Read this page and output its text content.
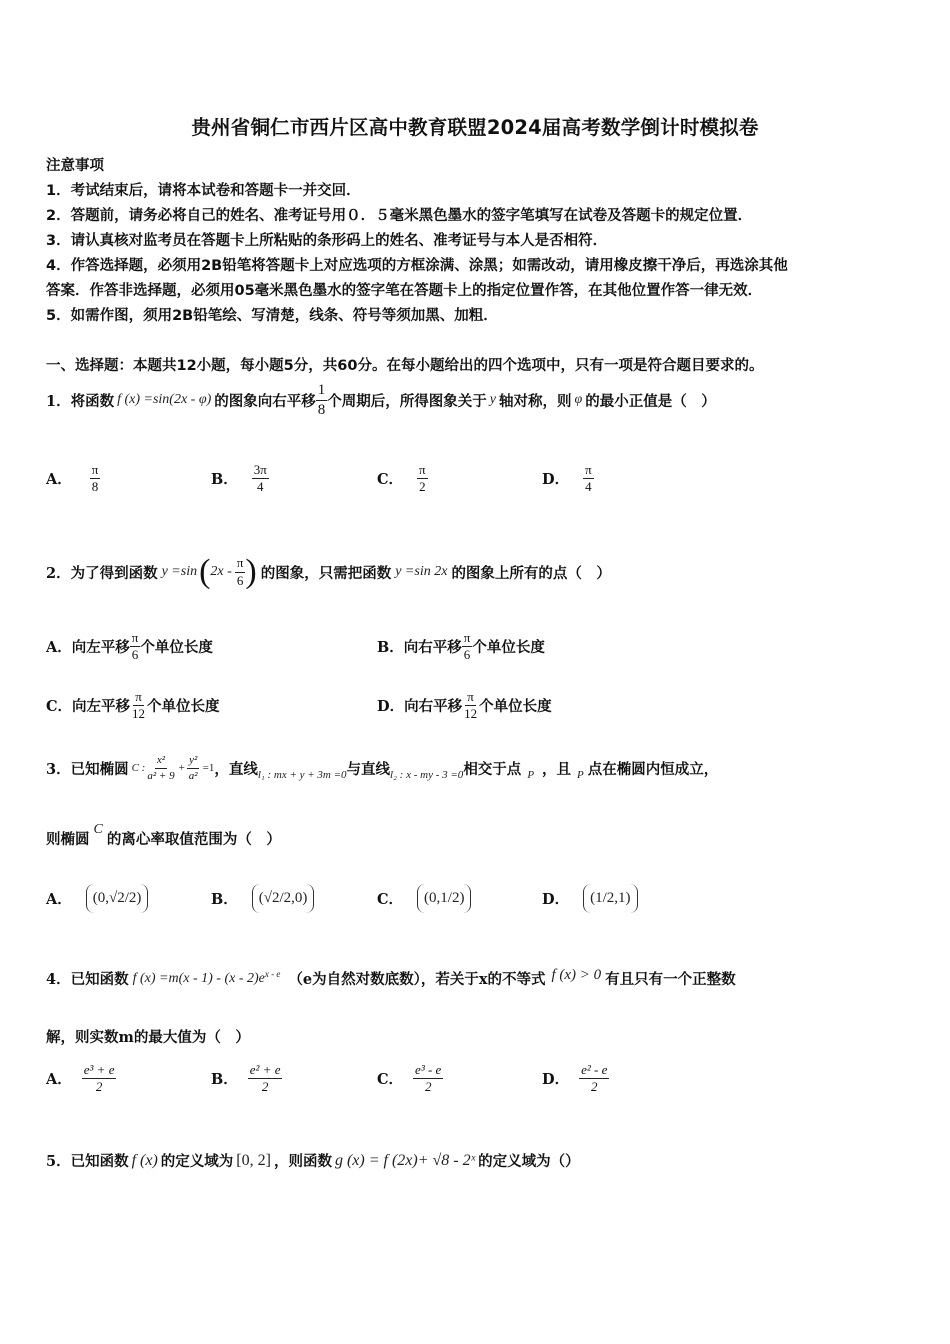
贵州省铜仁市西片区高中教育联盟2024届高考数学倒计时模拟卷
注意事项
1．考试结束后，请将本试卷和答题卡一并交回．
2．答题前，请务必将自己的姓名、准考证号用０．５毫米黑色墨水的签字笔填写在试卷及答题卡的规定位置．
3．请认真核对监考员在答题卡上所粘贴的条形码上的姓名、准考证号与本人是否相符．
4．作答选择题，必须用2B铅笔将答题卡上对应选项的方框涂满、涂黑；如需改动，请用橡皮擦干净后，再选涂其他
答案．作答非选择题，必须用05毫米黑色墨水的签字笔在答题卡上的指定位置作答，在其他位置作答一律无效．
5．如需作图，须用2B铅笔绘、写清楚，线条、符号等须加黑、加粗．
一、选择题：本题共12小题，每小题5分，共60分。在每小题给出的四个选项中，只有一项是符合题目要求的。
1．将函数 f (x) =sin(2x - φ) 的图象向右平移 $\frac{1}{8}$ 个周期后，所得图象关于 y 轴对称，则 φ 的最小正值是（　）
A． $\frac{\pi}{8}$	B． $\frac{3\pi}{4}$	C． $\frac{\pi}{2}$	D． $\frac{\pi}{4}$
2．为了得到函数 y =sin ( $2x - \frac{\pi}{6}$ ) 的图象，只需把函数 y =sin 2x 的图象上所有的点（　）
A．向左平移 $\frac{\pi}{6}$ 个单位长度	B．向右平移 $\frac{\pi}{6}$ 个单位长度
C．向左平移 $\frac{\pi}{12}$ 个单位长度	D．向右平移 $\frac{\pi}{12}$ 个单位长度
3．已知椭圆 C : $\frac{\text{x²}}{\text{a² + 9}} + \frac{\text{y²}}{\text{a²}} =1$ ，直线 l₁ : mx + y + 3m =0 与直线 l₂ : x - my - 3 =0 相交于点 P ，且 P 点在椭圆内恒成立，
则椭圆
C
的离心率取值范围为（　）
A．	(0,√2/2)	B．	(√2/2,0)	C．	(0,1/2)	D．	(1/2,1)
4．已知函数 f (x) =m(x - 1) - (x - 2)e x - e （e为自然对数底数），若关于x的不等式 f (x) > 0 有且只有一个正整数
解，则实数m的最大值为（　）
A． $\frac{\text{e³ + e}}{2}$	B． $\frac{\text{e² + e}}{2}$	C． $\frac{\text{e³ - e}}{2}$	D． $\frac{\text{e² - e}}{2}$
5．已知函数 f (x) 的定义域为 [0, 2] ，则函数 g (x) = f (2x)+ √8 - 2ˣ 的定义域为（）
